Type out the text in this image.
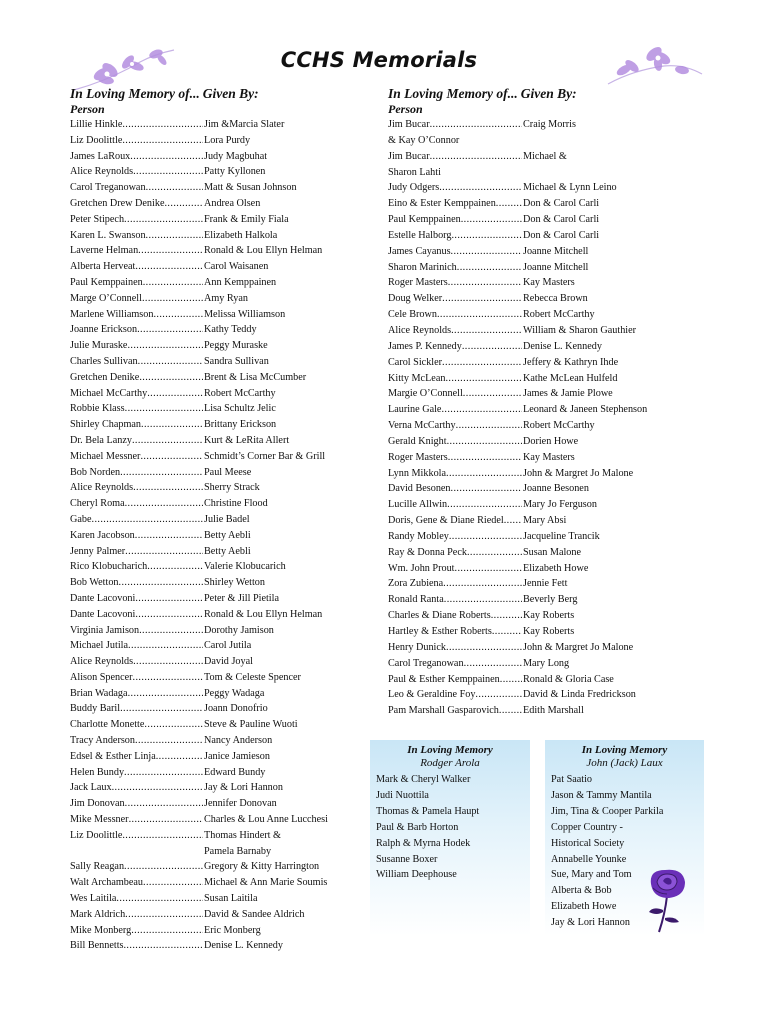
CCHS Memorials
In Loving Memory of... Given By:
Person
Lillie Hinkle .....	Jim &Marcia Slater
Liz Doolittle .....	Lora Purdy
James LaRoux .....	Judy Magbuhat
Alice Reynolds .....	Patty Kyllonen
Carol Treganowan .....	Matt & Susan Johnson
Gretchen Drew Denike .....	Andrea Olsen
Peter Stipech .....	Frank & Emily Fiala
Karen L. Swanson .....	Elizabeth Halkola
Laverne Helman .....	Ronald & Lou Ellyn Helman
Alberta Herveat .....	Carol Waisanen
Paul Kemppainen .....	Ann Kemppainen
Marge O’Connell .....	Amy Ryan
Marlene Williamson .....	Melissa Williamson
Joanne Erickson .....	Kathy Teddy
Julie Muraske .....	Peggy Muraske
Charles Sullivan .....	Sandra Sullivan
Gretchen Denike .....	Brent & Lisa McCumber
Michael McCarthy .....	Robert McCarthy
Robbie Klass .....	Lisa Schultz Jelic
Shirley Chapman .....	Brittany Erickson
Dr. Bela Lanzy .....	Kurt & LeRita Allert
Michael Messner .....	Schmidt’s Corner Bar & Grill
Bob Norden .....	Paul Meese
Alice Reynolds .....	Sherry Strack
Cheryl Roma .....	Christine Flood
Gabe .....	Julie Badel
Karen Jacobson .....	Betty Aebli
Jenny Palmer .....	Betty Aebli
Rico Klobucharich .....	Valerie Klobucarich
Bob Wetton .....	Shirley Wetton
Dante Lacovoni .....	Peter & Jill Pietila
Dante Lacovoni .....	Ronald & Lou Ellyn Helman
Virginia Jamison .....	Dorothy Jamison
Michael Jutila .....	Carol Jutila
Alice Reynolds .....	David Joyal
Alison Spencer .....	Tom & Celeste Spencer
Brian Wadaga .....	Peggy Wadaga
Buddy Baril .....	Joann Donofrio
Charlotte Monette .....	Steve & Pauline Wuoti
Tracy Anderson .....	Nancy Anderson
Edsel & Esther Linja .....	Janice Jamieson
Helen Bundy .....	Edward Bundy
Jack Laux .....	Jay & Lori Hannon
Jim Donovan .....	Jennifer Donovan
Mike Messner .....	Charles & Lou Anne Lucchesi
Liz Doolittle .....	Thomas Hindert &
Pamela Barnaby
Sally Reagan .....	Gregory & Kitty Harrington
Walt Archambeau .....	Michael & Ann Marie Soumis
Wes Laitila .....	Susan Laitila
Mark Aldrich .....	David & Sandee Aldrich
Mike Monberg .....	Eric Monberg
Bill Bennetts .....	Denise L. Kennedy
In Loving Memory of... Given By:
Person
Jim Bucar .....	Craig Morris
& Kay O’Connor
Jim Bucar .....	Michael &
Sharon Lahti
Judy Odgers .....	Michael & Lynn Leino
Eino & Ester Kemppainen .....	Don & Carol Carli
Paul Kemppainen .....	Don & Carol Carli
Estelle Halborg .....	Don & Carol Carli
James Cayanus .....	Joanne Mitchell
Sharon Marinich .....	Joanne Mitchell
Roger Masters .....	Kay Masters
Doug Welker .....	Rebecca Brown
Cele Brown .....	Robert McCarthy
Alice Reynolds .....	William & Sharon Gauthier
James P. Kennedy .....	Denise L. Kennedy
Carol Sickler .....	Jeffery & Kathryn Ihde
Kitty McLean .....	Kathe McLean Hulfeld
Margie O’Connell .....	James & Jamie Plowe
Laurine Gale .....	Leonard & Janeen Stephenson
Verna McCarthy .....	Robert McCarthy
Gerald Knight .....	Dorien Howe
Roger Masters .....	Kay Masters
Lynn Mikkola .....	John & Margret Jo Malone
David Besonen .....	Joanne Besonen
Lucille Allwin .....	Mary Jo Ferguson
Doris, Gene & Diane Riedel ..... Mary Absi
Randy Mobley .....	Jacqueline Trancik
Ray & Donna Peck .....	Susan Malone
Wm. John Prout .....	Elizabeth Howe
Zora Zubiena .....	Jennie Fett
Ronald Ranta .....	Beverly Berg
Charles & Diane Roberts .....	Kay Roberts
Hartley & Esther Roberts .....	Kay Roberts
Henry Dunick .....	John & Margret Jo Malone
Carol Treganowan .....	Mary Long
Paul & Esther Kemppainen ..... Ronald & Gloria Case
Leo & Geraldine Foy .....	David & Linda Fredrickson
Pam Marshall Gasparovich ..... Edith Marshall
In Loving Memory
Rodger Arola
Mark & Cheryl Walker
Judi Nuottila
Thomas & Pamela Haupt
Paul & Barb Horton
Ralph & Myrna Hodek
Susanne Boxer
William Deephouse
In Loving Memory
John (Jack) Laux
Pat Saatio
Jason & Tammy Mantila
Jim, Tina & Cooper Parkila
Copper Country -
Historical Society
Annabelle Younke
Sue, Mary and Tom
Alberta & Bob
Elizabeth Howe
Jay & Lori Hannon
